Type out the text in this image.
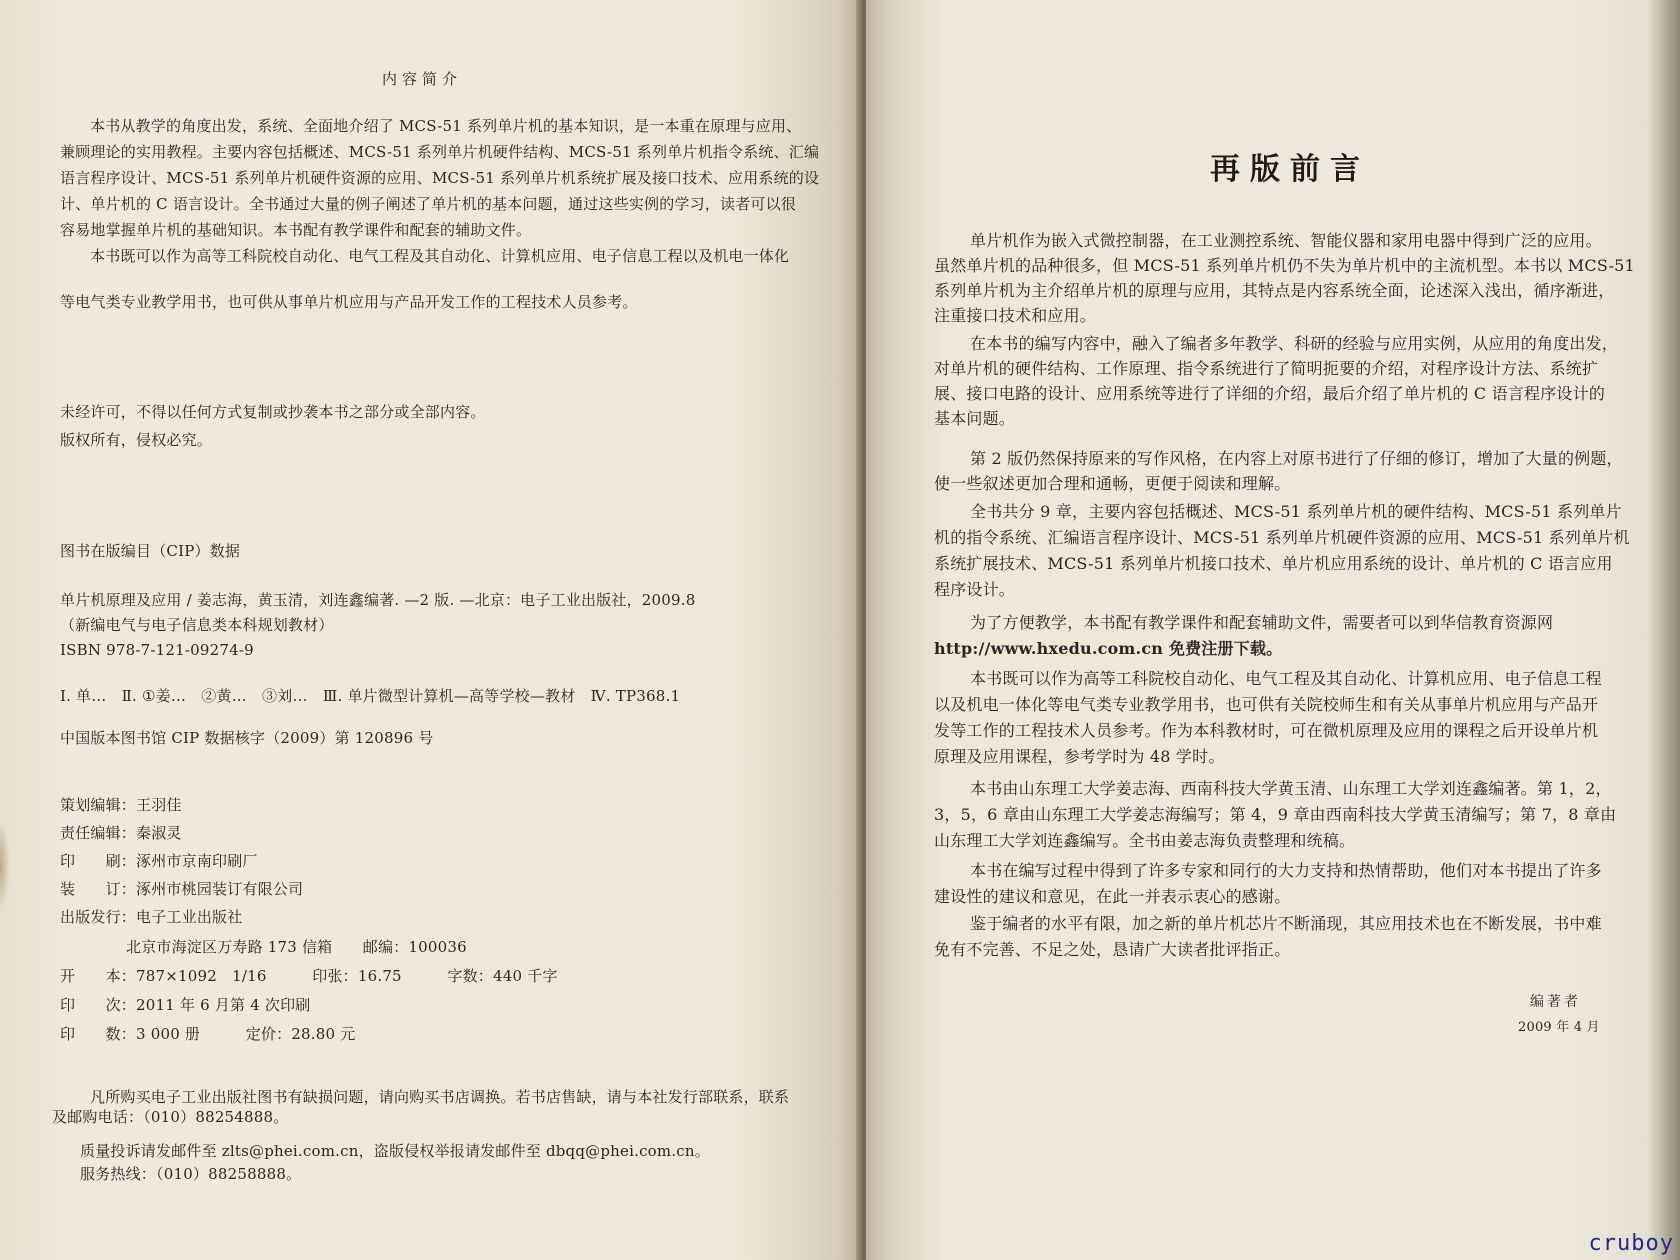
内容简介
本书从教学的角度出发，系统、全面地介绍了 MCS-51 系列单片机的基本知识，是一本重在原理与应用、
兼顾理论的实用教程。主要内容包括概述、MCS-51 系列单片机硬件结构、MCS-51 系列单片机指令系统、汇编
语言程序设计、MCS-51 系列单片机硬件资源的应用、MCS-51 系列单片机系统扩展及接口技术、应用系统的设
计、单片机的 C 语言设计。全书通过大量的例子阐述了单片机的基本问题，通过这些实例的学习，读者可以很
容易地掌握单片机的基础知识。本书配有教学课件和配套的辅助文件。
本书既可以作为高等工科院校自动化、电气工程及其自动化、计算机应用、电子信息工程以及机电一体化
等电气类专业教学用书，也可供从事单片机应用与产品开发工作的工程技术人员参考。
未经许可，不得以任何方式复制或抄袭本书之部分或全部内容。
版权所有，侵权必究。
图书在版编目（CIP）数据
单片机原理及应用 / 姜志海，黄玉清，刘连鑫编著. —2 版. —北京：电子工业出版社，2009.8
（新编电气与电子信息类本科规划教材）
ISBN 978-7-121-09274-9
Ⅰ. 单…　Ⅱ. ①姜…　②黄…　③刘…　Ⅲ. 单片微型计算机—高等学校—教材　Ⅳ. TP368.1
中国版本图书馆 CIP 数据核字（2009）第 120896 号
策划编辑：王羽佳
责任编辑：秦淑灵
印　　刷：涿州市京南印刷厂
装　　订：涿州市桃园装订有限公司
出版发行：电子工业出版社
北京市海淀区万寿路 173 信箱　　邮编：100036
开　　本：787×1092　1/16　　　印张：16.75　　　字数：440 千字
印　　次：2011 年 6 月第 4 次印刷
印　　数：3 000 册　　　定价：28.80 元
凡所购买电子工业出版社图书有缺损问题，请向购买书店调换。若书店售缺，请与本社发行部联系，联系
及邮购电话：（010）88254888。
质量投诉请发邮件至 zlts@phei.com.cn，盗版侵权举报请发邮件至 dbqq@phei.com.cn。
服务热线：（010）88258888。
再版前言
单片机作为嵌入式微控制器，在工业测控系统、智能仪器和家用电器中得到广泛的应用。
虽然单片机的品种很多，但 MCS-51 系列单片机仍不失为单片机中的主流机型。本书以 MCS-51
系列单片机为主介绍单片机的原理与应用，其特点是内容系统全面，论述深入浅出，循序渐进，
注重接口技术和应用。
在本书的编写内容中，融入了编者多年教学、科研的经验与应用实例，从应用的角度出发，
对单片机的硬件结构、工作原理、指令系统进行了简明扼要的介绍，对程序设计方法、系统扩
展、接口电路的设计、应用系统等进行了详细的介绍，最后介绍了单片机的 C 语言程序设计的
基本问题。
第 2 版仍然保持原来的写作风格，在内容上对原书进行了仔细的修订，增加了大量的例题，
使一些叙述更加合理和通畅，更便于阅读和理解。
全书共分 9 章，主要内容包括概述、MCS-51 系列单片机的硬件结构、MCS-51 系列单片
机的指令系统、汇编语言程序设计、MCS-51 系列单片机硬件资源的应用、MCS-51 系列单片机
系统扩展技术、MCS-51 系列单片机接口技术、单片机应用系统的设计、单片机的 C 语言应用
程序设计。
为了方便教学，本书配有教学课件和配套辅助文件，需要者可以到华信教育资源网
http://www.hxedu.com.cn 免费注册下载。
本书既可以作为高等工科院校自动化、电气工程及其自动化、计算机应用、电子信息工程
以及机电一体化等电气类专业教学用书，也可供有关院校师生和有关从事单片机应用与产品开
发等工作的工程技术人员参考。作为本科教材时，可在微机原理及应用的课程之后开设单片机
原理及应用课程，参考学时为 48 学时。
本书由山东理工大学姜志海、西南科技大学黄玉清、山东理工大学刘连鑫编著。第 1，2，
3，5，6 章由山东理工大学姜志海编写；第 4，9 章由西南科技大学黄玉清编写；第 7，8 章由
山东理工大学刘连鑫编写。全书由姜志海负责整理和统稿。
本书在编写过程中得到了许多专家和同行的大力支持和热情帮助，他们对本书提出了许多
建设性的建议和意见，在此一并表示衷心的感谢。
鉴于编者的水平有限，加之新的单片机芯片不断涌现，其应用技术也在不断发展，书中难
免有不完善、不足之处，恳请广大读者批评指正。
编著者
2009 年 4 月
cruboy
